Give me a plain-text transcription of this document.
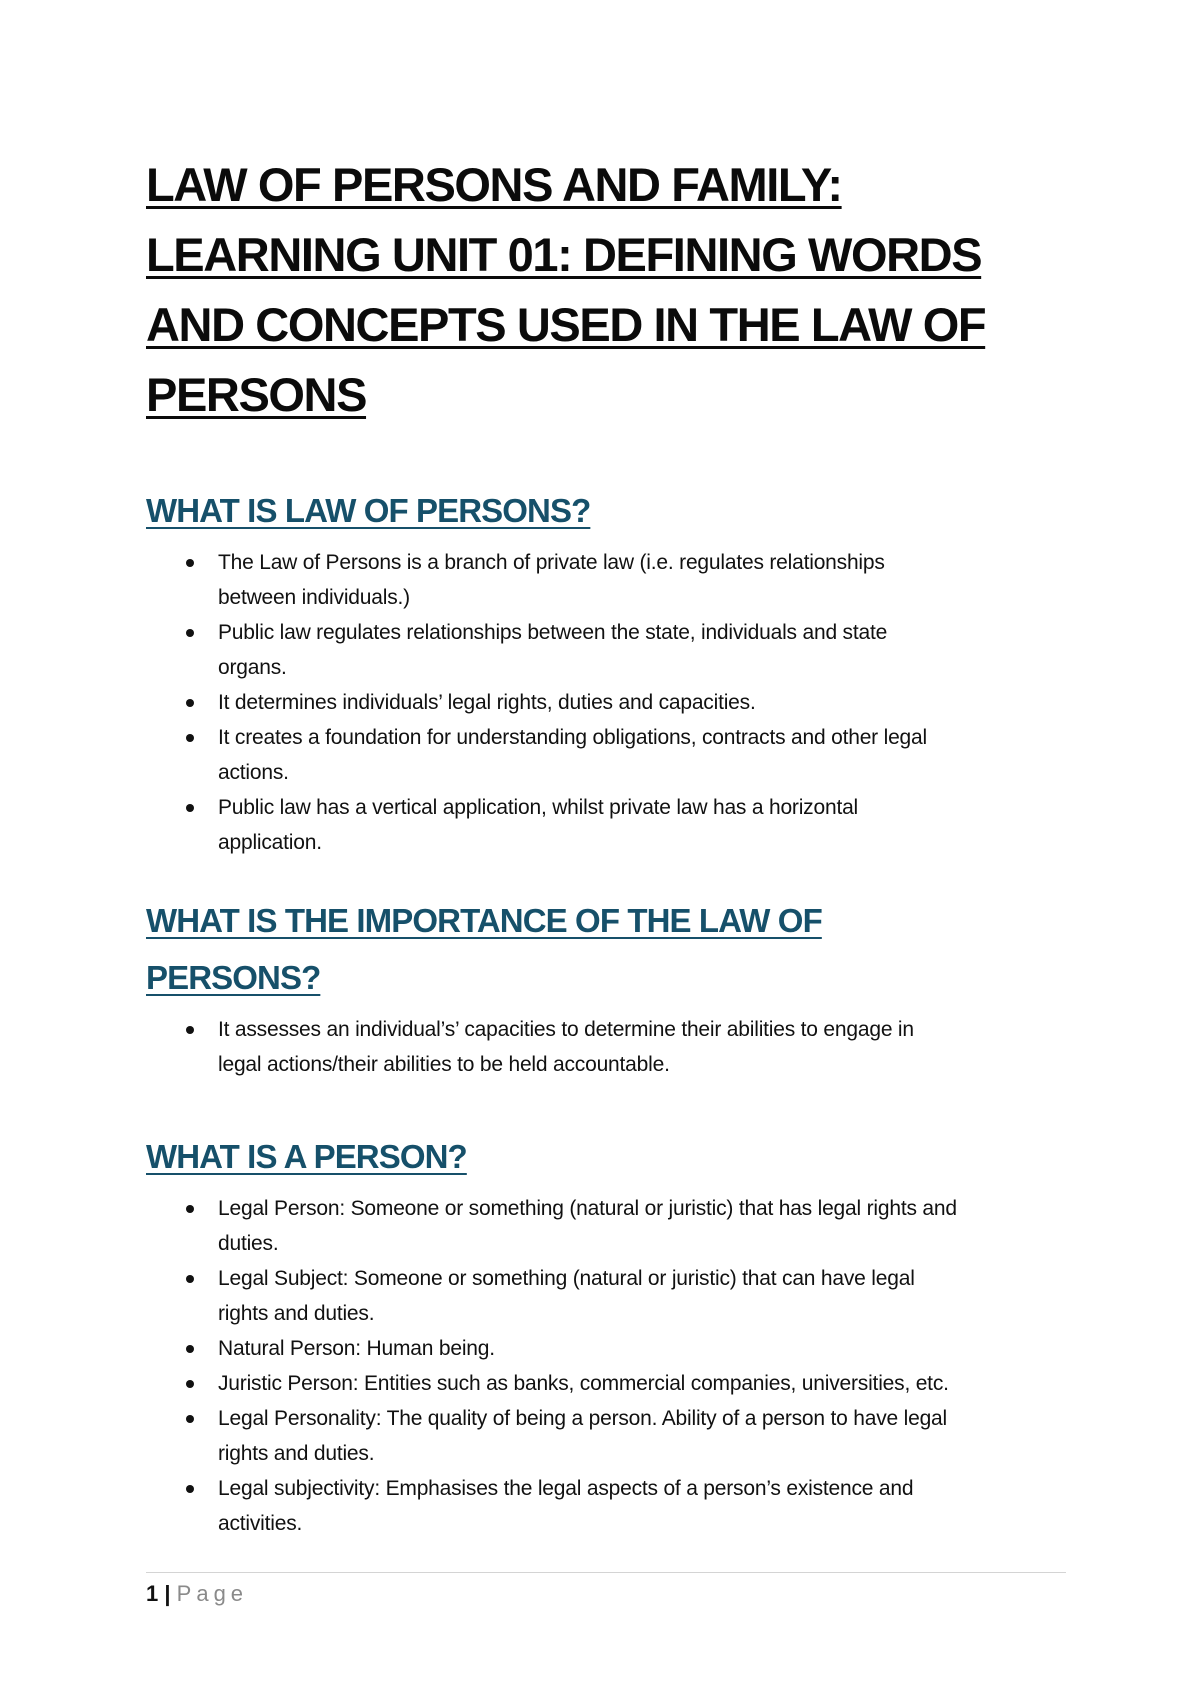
LAW OF PERSONS AND FAMILY:
LEARNING UNIT 01: DEFINING WORDS
AND CONCEPTS USED IN THE LAW OF
PERSONS
WHAT IS LAW OF PERSONS?
The Law of Persons is a branch of private law (i.e. regulates relationships
between individuals.)
Public law regulates relationships between the state, individuals and state
organs.
It determines individuals’ legal rights, duties and capacities.
It creates a foundation for understanding obligations, contracts and other legal
actions.
Public law has a vertical application, whilst private law has a horizontal
application.
WHAT IS THE IMPORTANCE OF THE LAW OF
PERSONS?
It assesses an individual’s’ capacities to determine their abilities to engage in
legal actions/their abilities to be held accountable.
WHAT IS A PERSON?
Legal Person: Someone or something (natural or juristic) that has legal rights and
duties.
Legal Subject: Someone or something (natural or juristic) that can have legal
rights and duties.
Natural Person: Human being.
Juristic Person: Entities such as banks, commercial companies, universities, etc.
Legal Personality: The quality of being a person. Ability of a person to have legal
rights and duties.
Legal subjectivity: Emphasises the legal aspects of a person’s existence and
activities.
1 | Page
